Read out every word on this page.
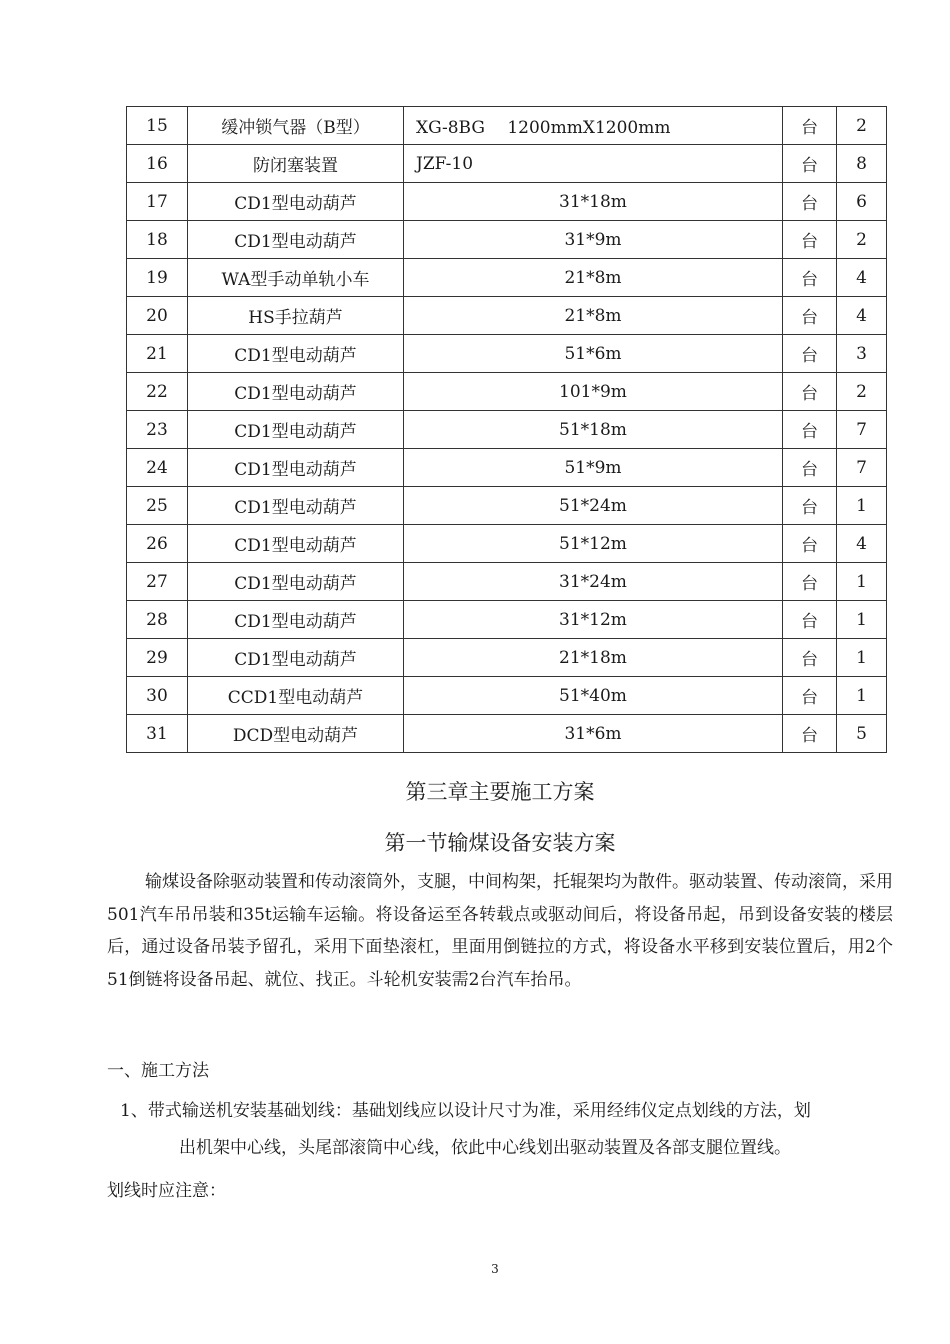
15	缓冲锁气器（B型）	XG-8BG　 1200mmX1200mm	台	2
16	防闭塞装置	JZF-10	台	8
17	CD1型电动葫芦	31*18m	台	6
18	CD1型电动葫芦	31*9m	台	2
19	WA型手动单轨小车	21*8m	台	4
20	HS手拉葫芦	21*8m	台	4
21	CD1型电动葫芦	51*6m	台	3
22	CD1型电动葫芦	101*9m	台	2
23	CD1型电动葫芦	51*18m	台	7
24	CD1型电动葫芦	51*9m	台	7
25	CD1型电动葫芦	51*24m	台	1
26	CD1型电动葫芦	51*12m	台	4
27	CD1型电动葫芦	31*24m	台	1
28	CD1型电动葫芦	31*12m	台	1
29	CD1型电动葫芦	21*18m	台	1
30	CCD1型电动葫芦	51*40m	台	1
31	DCD型电动葫芦	31*6m	台	5
第三章主要施工方案
第一节输煤设备安装方案

输煤设备除驱动装置和传动滚筒外，支腿，中间构架，托辊架均为散件。驱动装置、传动滚筒，采用501汽车吊吊装和35t运输车运输。将设备运至各转载点或驱动间后，将设备吊起，吊到设备安装的楼层后，通过设备吊装予留孔，采用下面垫滚杠，里面用倒链拉的方式，将设备水平移到安装位置后，用2个51倒链将设备吊起、就位、找正。斗轮机安装需2台汽车抬吊。

一、施工方法

1、带式输送机安装基础划线：基础划线应以设计尺寸为准，采用经纬仪定点划线的方法，划

出机架中心线，头尾部滚筒中心线，依此中心线划出驱动装置及各部支腿位置线。

划线时应注意：

3
